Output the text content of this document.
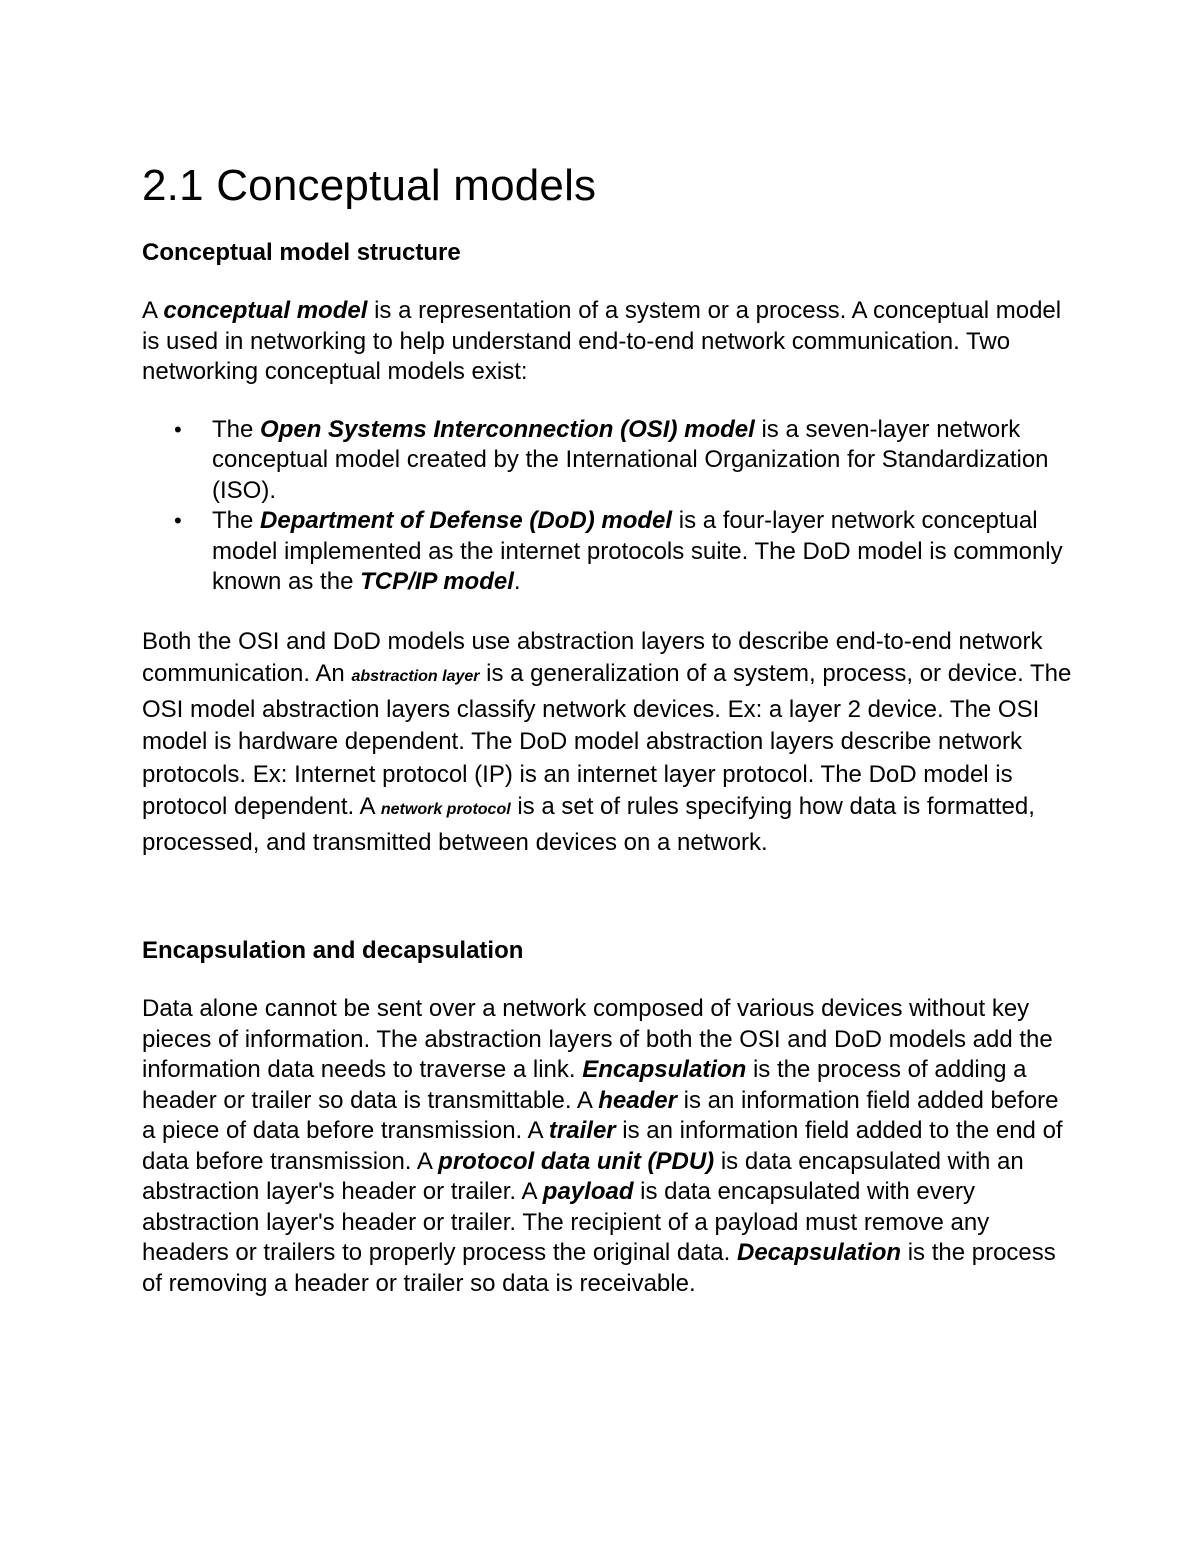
2.1 Conceptual models
Conceptual model structure

A conceptual model is a representation of a system or a process. A conceptual model is used in networking to help understand end-to-end network communication. Two networking conceptual models exist:

• The Open Systems Interconnection (OSI) model is a seven-layer network conceptual model created by the International Organization for Standardization (ISO).
• The Department of Defense (DoD) model is a four-layer network conceptual model implemented as the internet protocols suite. The DoD model is commonly known as the TCP/IP model.

Both the OSI and DoD models use abstraction layers to describe end-to-end network communication. An abstraction layer is a generalization of a system, process, or device. The OSI model abstraction layers classify network devices. Ex: a layer 2 device. The OSI model is hardware dependent. The DoD model abstraction layers describe network protocols. Ex: Internet protocol (IP) is an internet layer protocol. The DoD model is protocol dependent. A network protocol is a set of rules specifying how data is formatted, processed, and transmitted between devices on a network.

Encapsulation and decapsulation

Data alone cannot be sent over a network composed of various devices without key pieces of information. The abstraction layers of both the OSI and DoD models add the information data needs to traverse a link. Encapsulation is the process of adding a header or trailer so data is transmittable. A header is an information field added before a piece of data before transmission. A trailer is an information field added to the end of data before transmission. A protocol data unit (PDU) is data encapsulated with an abstraction layer's header or trailer. A payload is data encapsulated with every abstraction layer's header or trailer. The recipient of a payload must remove any headers or trailers to properly process the original data. Decapsulation is the process of removing a header or trailer so data is receivable.
